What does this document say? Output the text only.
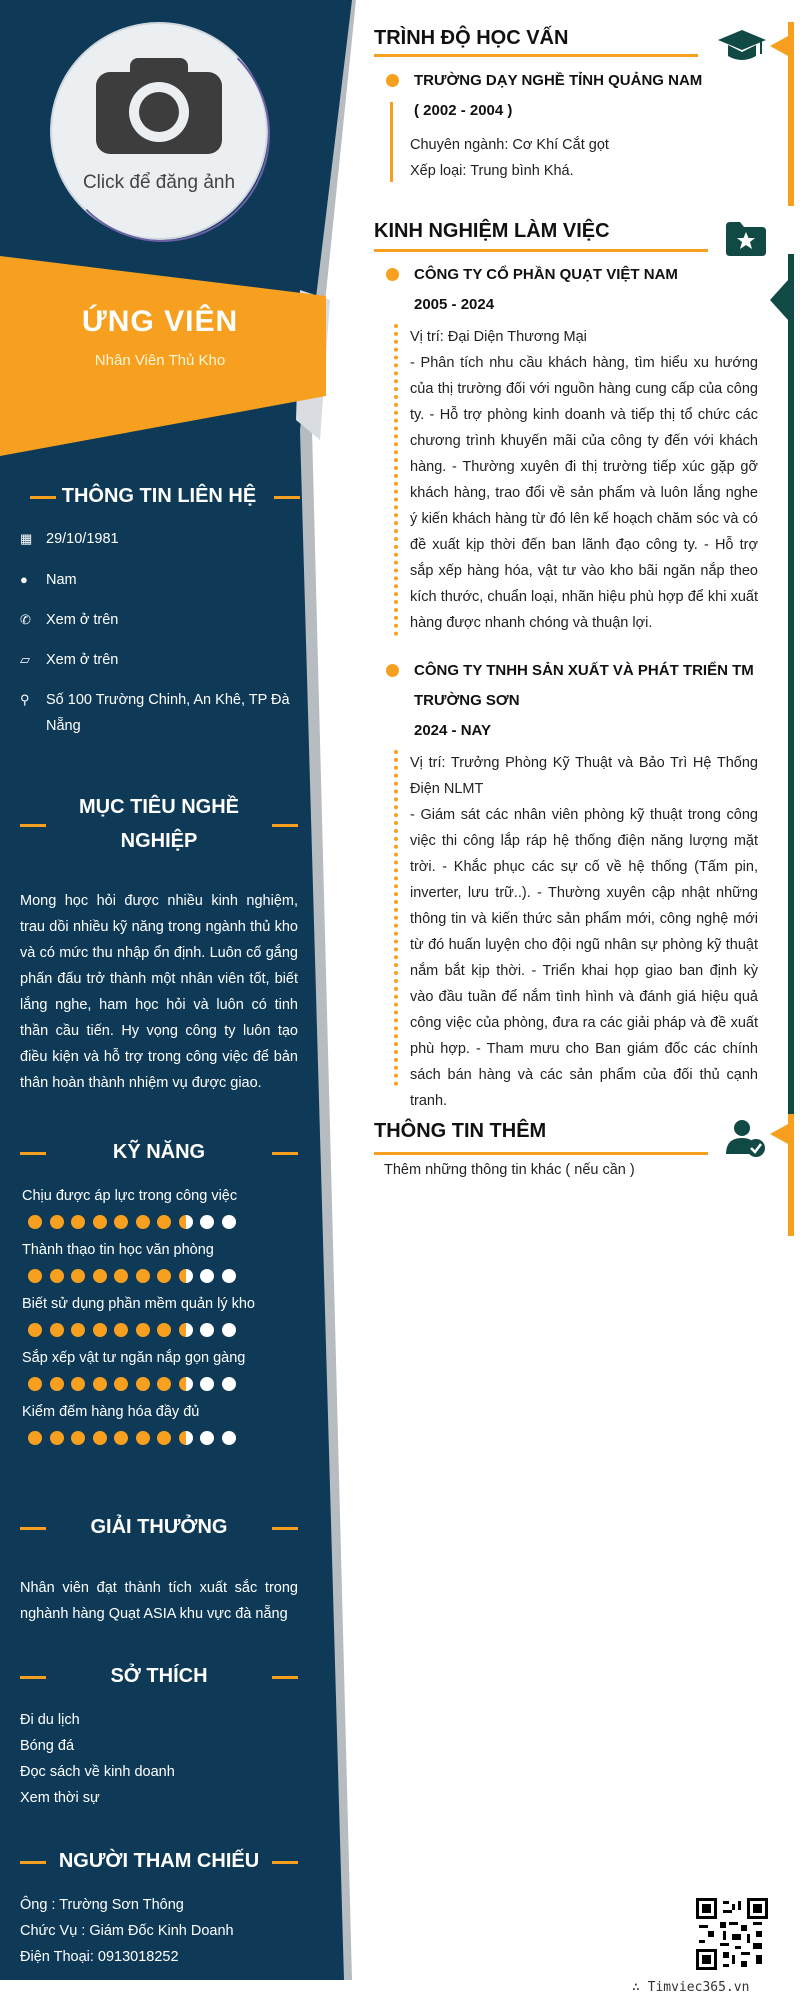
Click để đăng ảnh
ỨNG VIÊN
Nhân Viên Thủ Kho
THÔNG TIN LIÊN HỆ
▦ 29/10/1981
●	Nam
✆	Xem ở trên
▱	Xem ở trên
⚲	Số 100 Trường Chinh, An Khê, TP Đà Nẵng
MỤC TIÊU NGHỀ
NGHIỆP
Mong học hỏi được nhiều kinh nghiệm, trau dồi nhiều kỹ năng trong ngành thủ kho và có mức thu nhập ổn định. Luôn cố gắng phấn đấu trở thành một nhân viên tốt, biết lắng nghe, ham học hỏi và luôn có tinh thần cầu tiến. Hy vọng công ty luôn tạo điều kiện và hỗ trợ trong công việc để bản thân hoàn thành nhiệm vụ được giao.
KỸ NĂNG
Chịu được áp lực trong công việc
Thành thạo tin học văn phòng
Biết sử dụng phần mềm quản lý kho
Sắp xếp vật tư ngăn nắp gọn gàng
Kiểm đếm hàng hóa đầy đủ
GIẢI THƯỞNG
Nhân viên đạt thành tích xuất sắc trong nghành hàng Quạt ASIA khu vực đà nẵng
SỞ THÍCH
Đi du lịch
Bóng đá
Đọc sách về kinh doanh
Xem thời sự
NGƯỜI THAM CHIẾU
Ông : Trường Sơn Thông
Chức Vụ : Giám Đốc Kinh Doanh
Điện Thoại: 0913018252
TRÌNH ĐỘ HỌC VẤN
TRƯỜNG DẠY NGHỀ TỈNH QUẢNG NAM
( 2002 - 2004 )
Chuyên ngành: Cơ Khí Cắt gọt
Xếp loại: Trung bình Khá.
KINH NGHIỆM LÀM VIỆC
CÔNG TY CỔ PHẦN QUẠT VIỆT NAM
2005 - 2024
Vị trí: Đại Diện Thương Mại
- Phân tích nhu cầu khách hàng, tìm hiểu xu hướng của thị trường đối với nguồn hàng cung cấp của công ty. - Hỗ trợ phòng kinh doanh và tiếp thị tổ chức các chương trình khuyến mãi của công ty đến với khách hàng. - Thường xuyên đi thị trường tiếp xúc gặp gỡ khách hàng, trao đổi về sản phẩm và luôn lắng nghe ý kiến khách hàng từ đó lên kế hoạch chăm sóc và có đề xuất kịp thời đến ban lãnh đạo công ty. - Hỗ trợ sắp xếp hàng hóa, vật tư vào kho bãi ngăn nắp theo kích thước, chuẩn loại, nhãn hiệu phù hợp để khi xuất hàng được nhanh chóng và thuận lợi.
CÔNG TY TNHH SẢN XUẤT VÀ PHÁT TRIỂN TM
TRƯỜNG SƠN
2024 - NAY
Vị trí: Trưởng Phòng Kỹ Thuật và Bảo Trì Hệ Thống Điện NLMT
- Giám sát các nhân viên phòng kỹ thuật trong công việc thi công lắp ráp hệ thống điện năng lượng mặt trời. - Khắc phục các sự cố về hệ thống (Tấm pin, inverter, lưu trữ..). - Thường xuyên cập nhật những thông tin và kiến thức sản phẩm mới, công nghệ mới từ đó huấn luyện cho đội ngũ nhân sự phòng kỹ thuật nắm bắt kịp thời. - Triển khai họp giao ban định kỳ vào đầu tuần để nắm tình hình và đánh giá hiệu quả công việc của phòng, đưa ra các giải pháp và đề xuất phù hợp. - Tham mưu cho Ban giám đốc các chính sách bán hàng và các sản phẩm của đối thủ cạnh tranh.
THÔNG TIN THÊM
Thêm những thông tin khác ( nếu cần )
∴ Timviec365.vn
